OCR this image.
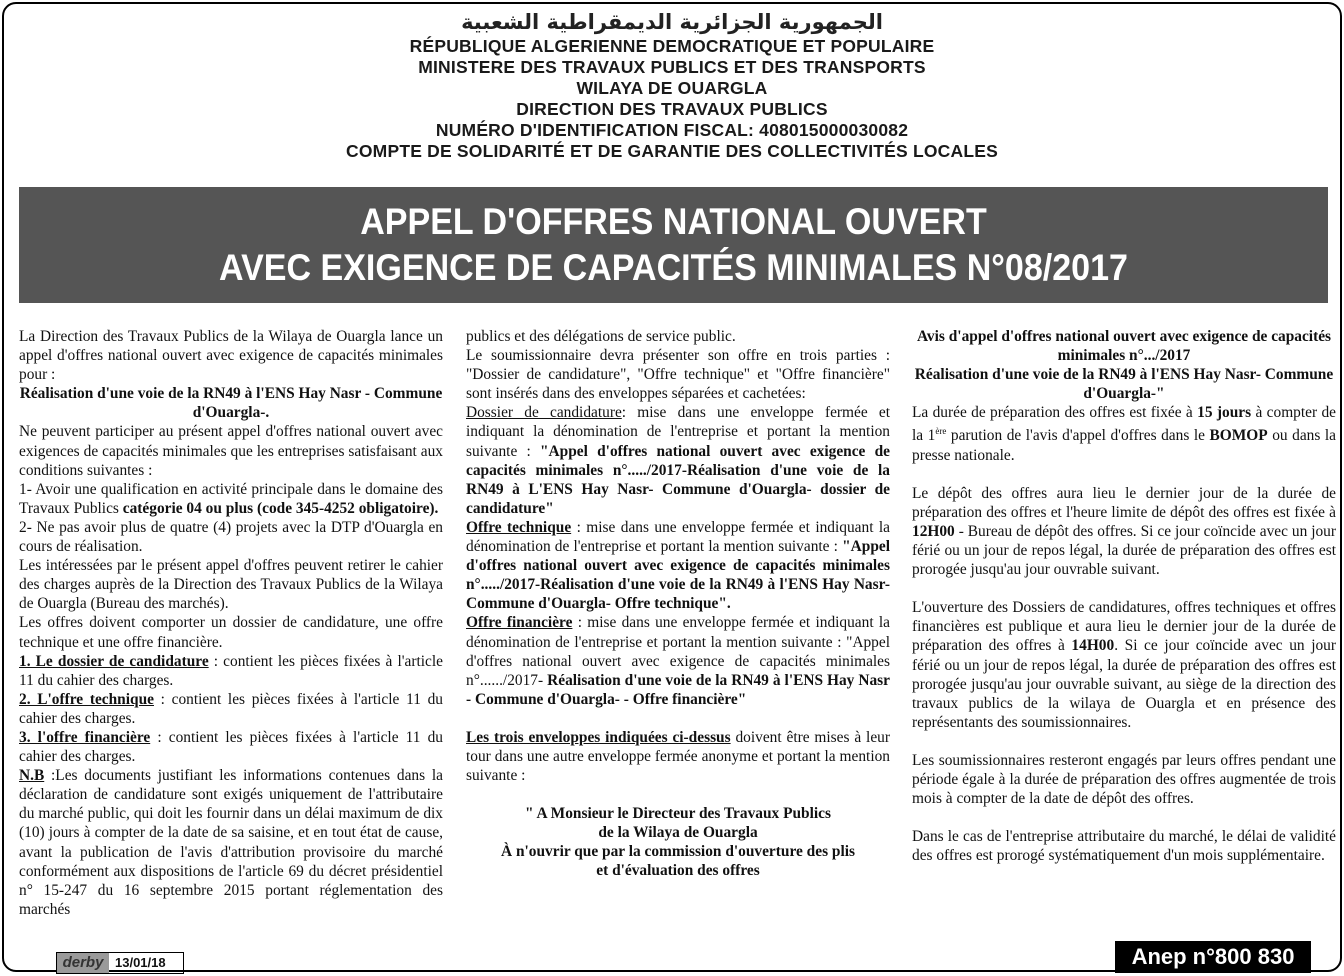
الجمهورية الجزائرية الديمقراطية الشعبية
RÉPUBLIQUE ALGERIENNE DEMOCRATIQUE ET POPULAIRE
MINISTERE DES TRAVAUX PUBLICS ET DES TRANSPORTS
WILAYA DE OUARGLA
DIRECTION DES TRAVAUX PUBLICS
NUMÉRO D'IDENTIFICATION FISCAL: 408015000030082
COMPTE DE SOLIDARITÉ ET DE GARANTIE DES COLLECTIVITÉS LOCALES
APPEL D'OFFRES NATIONAL OUVERT
AVEC EXIGENCE DE CAPACITÉS MINIMALES N°08/2017

La Direction des Travaux Publics de la Wilaya de Ouargla lance un appel d'offres national ouvert avec exigence de capacités minimales pour :

Réalisation d'une voie de la RN49 à l'ENS Hay Nasr - Commune d'Ouargla-.

Ne peuvent participer au présent appel d'offres national ouvert avec exigences de capacités minimales que les entreprises satisfaisant aux conditions suivantes :

1- Avoir une qualification en activité principale dans le domaine des Travaux Publics catégorie 04 ou plus (code 345-4252 obligatoire).

2- Ne pas avoir plus de quatre (4) projets avec la DTP d'Ouargla en cours de réalisation.

Les intéressées par le présent appel d'offres peuvent retirer le cahier des charges auprès de la Direction des Travaux Publics de la Wilaya de Ouargla (Bureau des marchés).

Les offres doivent comporter un dossier de candidature, une offre technique et une offre financière.

1. Le dossier de candidature : contient les pièces fixées à l'article 11 du cahier des charges.

2. L'offre technique : contient les pièces fixées à l'article 11 du cahier des charges.

3. l'offre financière : contient les pièces fixées à l'article 11 du cahier des charges.

N.B :Les documents justifiant les informations contenues dans la déclaration de candidature sont exigés uniquement de l'attributaire du marché public, qui doit les fournir dans un délai maximum de dix (10) jours à compter de la date de sa saisine, et en tout état de cause, avant la publication de l'avis d'attribution provisoire du marché conformément aux dispositions de l'article 69 du décret présidentiel n° 15-247 du 16 septembre 2015 portant réglementation des marchés

publics et des délégations de service public.

Le soumissionnaire devra présenter son offre en trois parties : "Dossier de candidature", "Offre technique" et "Offre financière" sont insérés dans des enveloppes séparées et cachetées:

Dossier de candidature: mise dans une enveloppe fermée et indiquant la dénomination de l'entreprise et portant la mention suivante : "Appel d'offres national ouvert avec exigence de capacités minimales n°...../2017-Réalisation d'une voie de la RN49 à L'ENS Hay Nasr- Commune d'Ouargla- dossier de candidature"

Offre technique : mise dans une enveloppe fermée et indiquant la dénomination de l'entreprise et portant la mention suivante : "Appel d'offres national ouvert avec exigence de capacités minimales n°...../2017-Réalisation d'une voie de la RN49 à l'ENS Hay Nasr- Commune d'Ouargla- Offre technique".

Offre financière : mise dans une enveloppe fermée et indiquant la dénomination de l'entreprise et portant la mention suivante : "Appel d'offres national ouvert avec exigence de capacités minimales n°....../2017- Réalisation d'une voie de la RN49 à l'ENS Hay Nasr - Commune d'Ouargla- - Offre financière"

Les trois enveloppes indiquées ci-dessus doivent être mises à leur tour dans une autre enveloppe fermée anonyme et portant la mention suivante :

" A Monsieur le Directeur des Travaux Publics

de la Wilaya de Ouargla

À n'ouvrir que par la commission d'ouverture des plis

et d'évaluation des offres

Avis d'appel d'offres national ouvert avec exigence de capacités minimales n°.../2017

Réalisation d'une voie de la RN49 à l'ENS Hay Nasr- Commune d'Ouargla-"

La durée de préparation des offres est fixée à 15 jours à compter de la 1ère parution de l'avis d'appel d'offres dans le BOMOP ou dans la presse nationale.

Le dépôt des offres aura lieu le dernier jour de la durée de préparation des offres et l'heure limite de dépôt des offres est fixée à 12H00 - Bureau de dépôt des offres. Si ce jour coïncide avec un jour férié ou un jour de repos légal, la durée de préparation des offres est prorogée jusqu'au jour ouvrable suivant.

L'ouverture des Dossiers de candidatures, offres techniques et offres financières est publique et aura lieu le dernier jour de la durée de préparation des offres à 14H00. Si ce jour coïncide avec un jour férié ou un jour de repos légal, la durée de préparation des offres est prorogée jusqu'au jour ouvrable suivant, au siège de la direction des travaux publics de la wilaya de Ouargla et en présence des représentants des soumissionnaires.

Les soumissionnaires resteront engagés par leurs offres pendant une période égale à la durée de préparation des offres augmentée de trois mois à compter de la date de dépôt des offres.

Dans le cas de l'entreprise attributaire du marché, le délai de validité des offres est prorogé systématiquement d'un mois supplémentaire.

derby 13/01/18	Anep n°800 830
